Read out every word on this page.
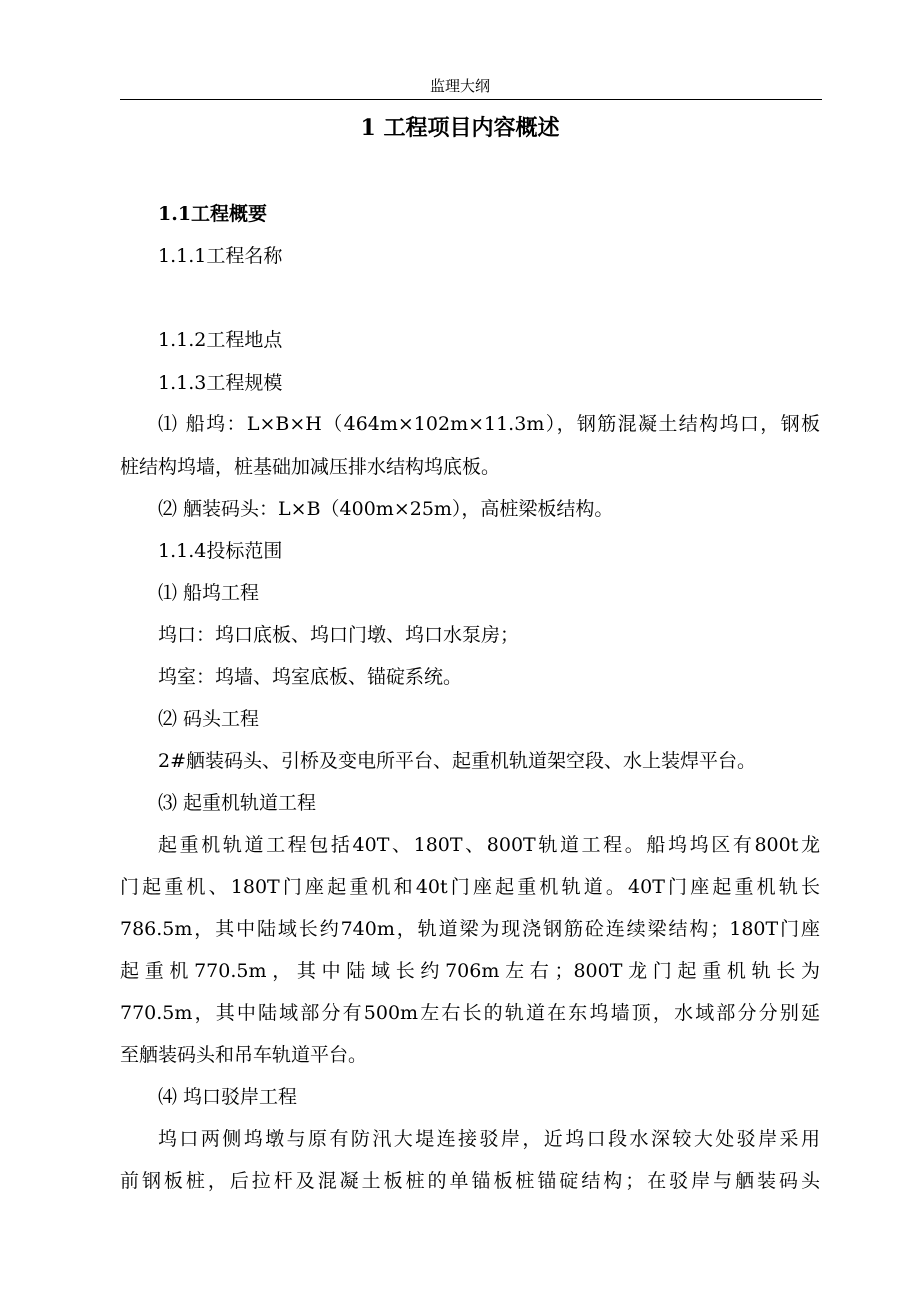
监理大纲
1 工程项目内容概述
1.1工程概要
1.1.1工程名称
1.1.2工程地点
1.1.3工程规模
⑴ 船坞：L×B×H（464m×102m×11.3m），钢筋混凝土结构坞口，钢板
桩结构坞墙，桩基础加减压排水结构坞底板。
⑵ 舾装码头：L×B（400m×25m），高桩梁板结构。
1.1.4投标范围
⑴ 船坞工程
坞口：坞口底板、坞口门墩、坞口水泵房；
坞室：坞墙、坞室底板、锚碇系统。
⑵ 码头工程
2#舾装码头、引桥及变电所平台、起重机轨道架空段、水上装焊平台。
⑶ 起重机轨道工程
起重机轨道工程包括40T、180T、800T轨道工程。船坞坞区有800t龙
门起重机、180T门座起重机和40t门座起重机轨道。40T门座起重机轨长
786.5m，其中陆域长约740m，轨道梁为现浇钢筋砼连续梁结构；180T门座
起重机770.5m，其中陆域长约706m左右；800T龙门起重机轨长为
770.5m，其中陆域部分有500m左右长的轨道在东坞墙顶，水域部分分别延
至舾装码头和吊车轨道平台。
⑷ 坞口驳岸工程
坞口两侧坞墩与原有防汛大堤连接驳岸，近坞口段水深较大处驳岸采用
前钢板桩，后拉杆及混凝土板桩的单锚板桩锚碇结构；在驳岸与舾装码头
